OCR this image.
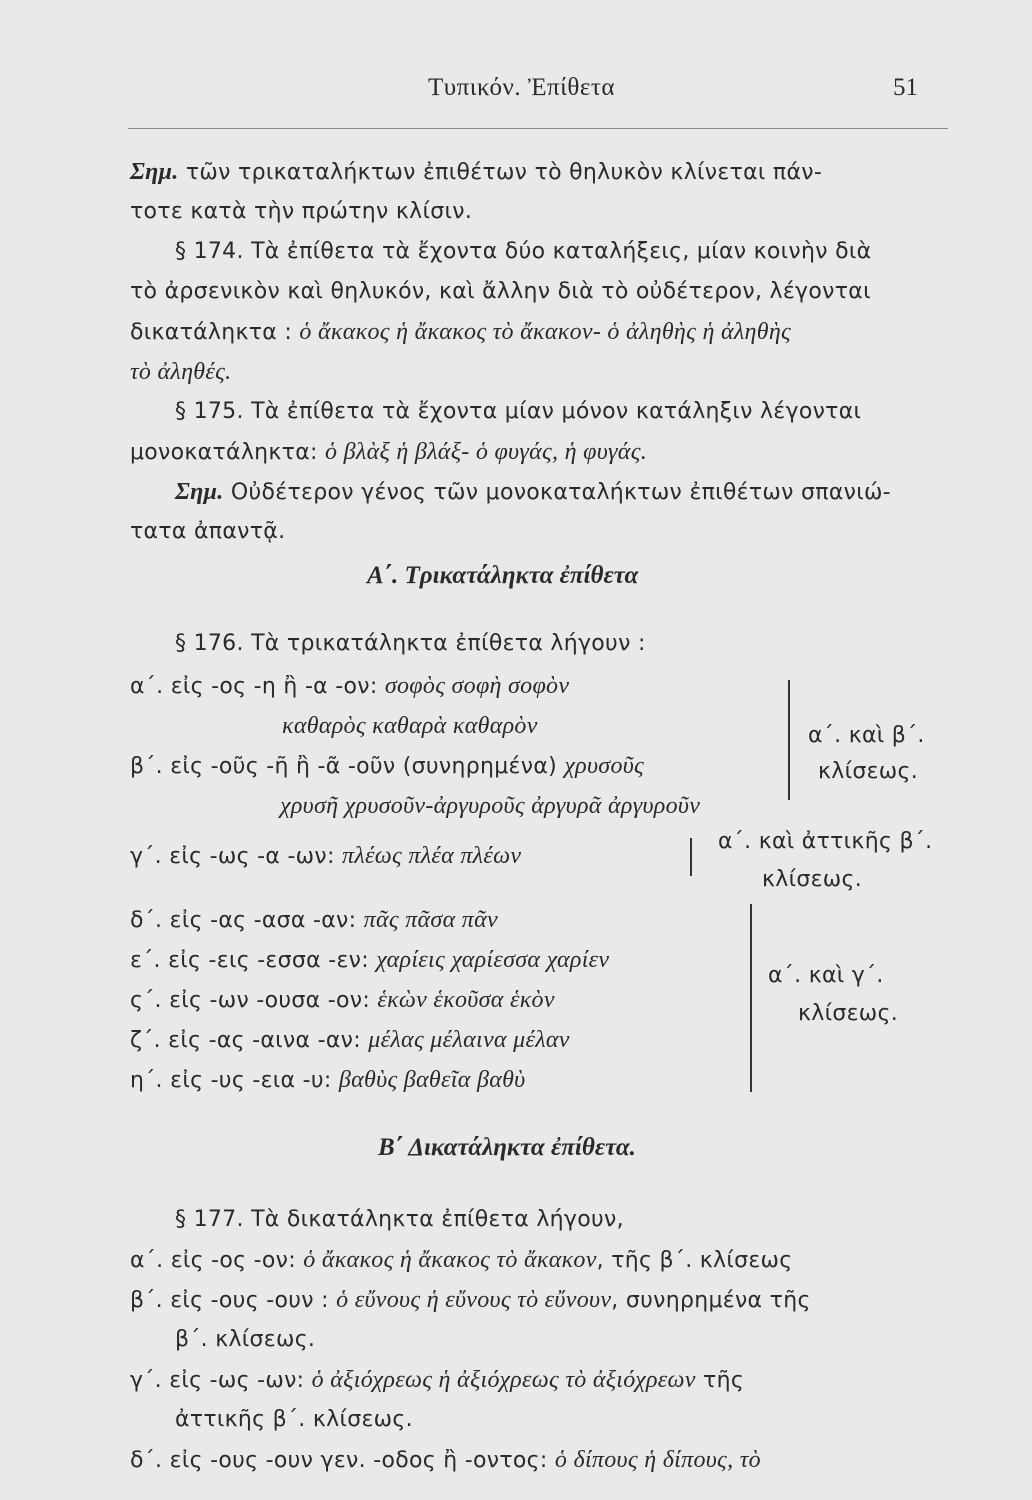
Τυπικόν. Ἐπίθετα	51
Σημ. τῶν τρικαταλήκτων ἐπιθέτων τὸ θηλυκὸν κλίνεται πάν-
τοτε κατὰ τὴν πρώτην κλίσιν.
§ 174. Τὰ ἐπίθετα τὰ ἔχοντα δύο καταλήξεις, μίαν κοινὴν διὰ
τὸ ἀρσενικὸν καὶ θηλυκόν, καὶ ἄλλην διὰ τὸ οὐδέτερον, λέγονται
δικατάληκτα : ὁ ἄκακος ἡ ἄκακος τὸ ἄκακον- ὁ ἀληθὴς ἡ ἀληθὴς
τὸ ἀληθές.
§ 175. Τὰ ἐπίθετα τὰ ἔχοντα μίαν μόνον κατάληξιν λέγονται
μονοκατάληκτα: ὁ βλὰξ ἡ βλάξ- ὁ φυγάς, ἡ φυγάς.
Σημ. Οὐδέτερον γένος τῶν μονοκαταλήκτων ἐπιθέτων σπανιώ-
τατα ἀπαντᾷ.
Α΄. Τρικατάληκτα ἐπίθετα
§ 176. Τὰ τρικατάληκτα ἐπίθετα λήγουν :
α΄. εἰς -ος -η ἢ -α -ον: σοφὸς σοφὴ σοφὸν
καθαρὸς καθαρὰ καθαρὸν
β΄. εἰς -οῦς -ῆ ἢ -ᾶ -οῦν (συνηρημένα) χρυσοῦς
χρυσῆ χρυσοῦν-ἀργυροῦς ἀργυρᾶ ἀργυροῦν
α΄. καὶ β΄.
κλίσεως.
γ΄. εἰς -ως -α -ων: πλέως πλέα πλέων
α΄. καὶ ἀττικῆς β΄.
κλίσεως.
δ΄. εἰς -ας -ασα -αν: πᾶς πᾶσα πᾶν
ε΄. εἰς -εις -εσσα -εν: χαρίεις χαρίεσσα χαρίεν
ς΄. εἰς -ων -ουσα -ον: ἑκὼν ἑκοῦσα ἑκὸν
ζ΄. εἰς -ας -αινα -αν: μέλας μέλαινα μέλαν
η΄. εἰς -υς -εια -υ: βαθὺς βαθεῖα βαθὺ
α΄. καὶ γ΄.
κλίσεως.
Β΄ Δικατάληκτα ἐπίθετα.
§ 177. Τὰ δικατάληκτα ἐπίθετα λήγουν,
α΄. εἰς -ος -ον: ὁ ἄκακος ἡ ἄκακος τὸ ἄκακον, τῆς β΄. κλίσεως
β΄. εἰς -ους -ουν : ὁ εὔνους ἡ εὔνους τὸ εὔνουν, συνηρημένα τῆς
β΄. κλίσεως.
γ΄. εἰς -ως -ων: ὁ ἀξιόχρεως ἡ ἀξιόχρεως τὸ ἀξιόχρεων τῆς
ἀττικῆς β΄. κλίσεως.
δ΄. εἰς -ους -ουν γεν. -οδος ἢ -οντος: ὁ δίπους ἡ δίπους, τὸ
